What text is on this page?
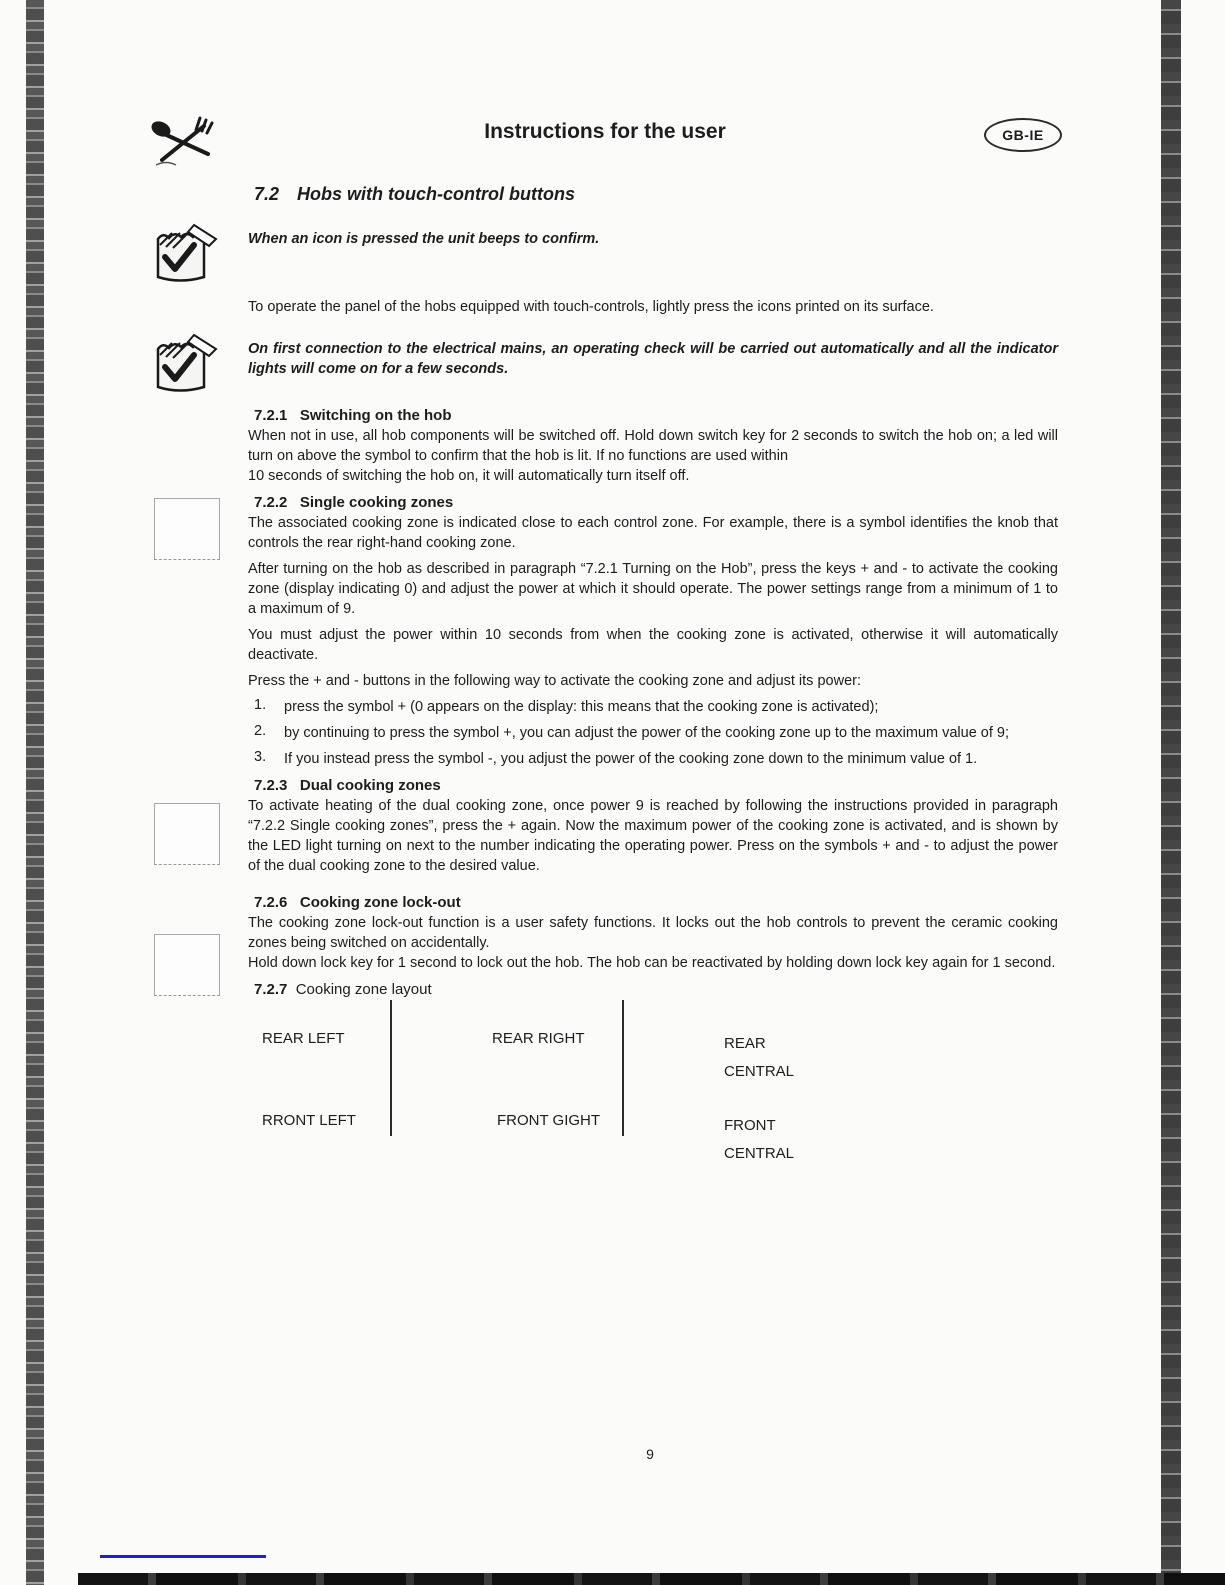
Instructions for the user	GB-IE
7.2 Hobs with touch-control buttons
When an icon is pressed the unit beeps to confirm.

To operate the panel of the hobs equipped with touch-controls, lightly press the icons printed on its surface.

On first connection to the electrical mains, an operating check will be carried out automatically and all the indicator lights will come on for a few seconds.
7.2.1   Switching on the hob

When not in use, all hob components will be switched off. Hold down switch key for 2 seconds to switch the hob on; a led will turn on above the symbol to confirm that the hob is lit. If no functions are used within

10 seconds of switching the hob on, it will automatically turn itself off.

7.2.2   Single cooking zones

The associated cooking zone is indicated close to each control zone. For example, there is a symbol identifies the knob that controls the rear right-hand cooking zone.

After turning on the hob as described in paragraph “7.2.1 Turning on the Hob”, press the keys + and - to activate the cooking zone (display indicating 0) and adjust the power at which it should operate. The power settings range from a minimum of 1 to a maximum of 9.

You must adjust the power within 10 seconds from when the cooking zone is activated, otherwise it will automatically deactivate.

Press the + and - buttons in the following way to activate the cooking zone and adjust its power:

1.	press the symbol + (0 appears on the display: this means that the cooking zone is activated);
2.	by continuing to press the symbol +, you can adjust the power of the cooking zone up to the maximum value of 9;
3.	If you instead press the symbol -, you adjust the power of the cooking zone down to the minimum value of 1.
7.2.3   Dual cooking zones

To activate heating of the dual cooking zone, once power 9 is reached by following the instructions provided in paragraph “7.2.2 Single cooking zones”, press the + again. Now the maximum power of the cooking zone is activated, and is shown by the LED light turning on next to the number indicating the operating power. Press on the symbols + and - to adjust the power of the dual cooking zone to the desired value.

7.2.6   Cooking zone lock-out

The cooking zone lock-out function is a user safety functions. It locks out the hob controls to prevent the ceramic cooking zones being switched on accidentally.

Hold down lock key for 1 second to lock out the hob. The hob can be reactivated by holding down lock key again for 1 second.

7.2.7  Cooking zone layout
REAR LEFT	REAR RIGHT	REAR
CENTRAL
RRONT LEFT	FRONT GIGHT	FRONT
CENTRAL
9
